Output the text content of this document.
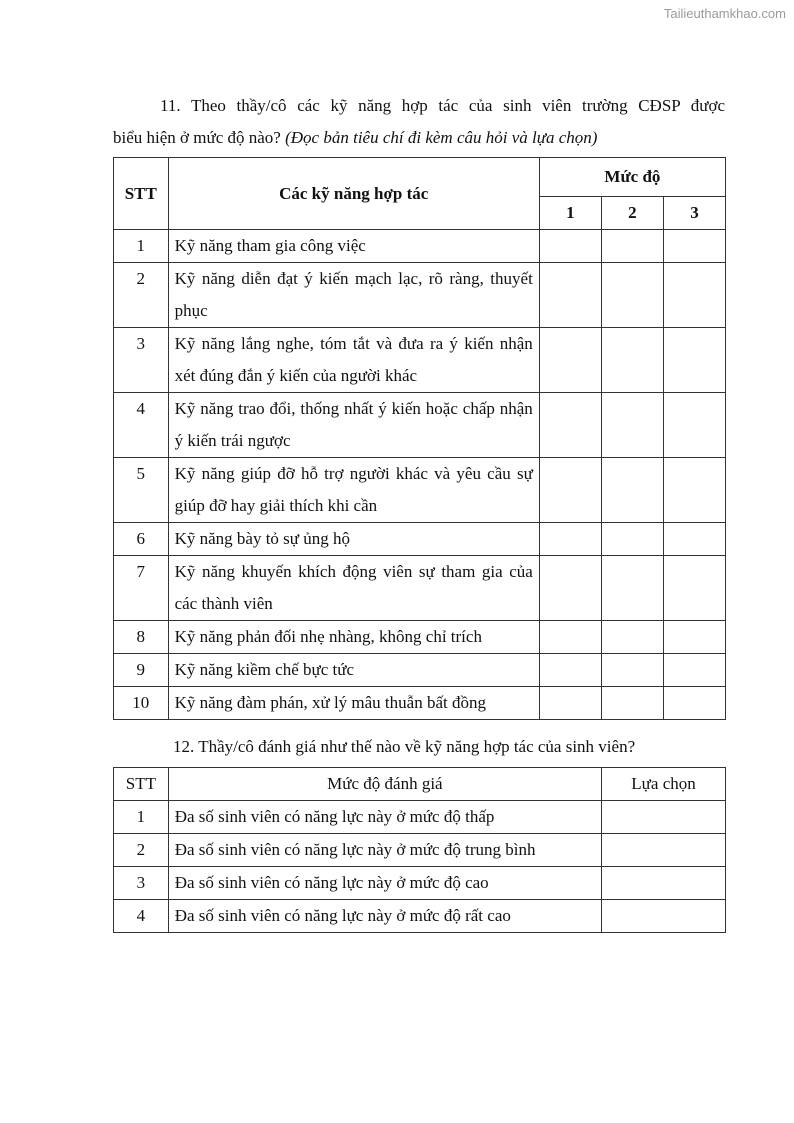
Tailieuthamkhao.com
11. Theo thầy/cô các kỹ năng hợp tác của sinh viên trường CĐSP được
biểu hiện ở mức độ nào? (Đọc bản tiêu chí đi kèm câu hỏi và lựa chọn)
STT	Các kỹ năng hợp tác	Mức độ		
		1	2	3
1	Kỹ năng tham gia công việc			
2	Kỹ năng diễn đạt ý kiến mạch lạc, rõ ràng, thuyết phục			
3	Kỹ năng lắng nghe, tóm tắt và đưa ra ý kiến nhận xét đúng đắn ý kiến của người khác			
4	Kỹ năng trao đổi, thống nhất ý kiến hoặc chấp nhận ý kiến trái ngược			
5	Kỹ năng giúp đỡ hỗ trợ người khác và yêu cầu sự giúp đỡ hay giải thích khi cần			
6	Kỹ năng bày tỏ sự ủng hộ			
7	Kỹ năng khuyến khích động viên sự tham gia của các thành viên			
8	Kỹ năng phản đối nhẹ nhàng, không chỉ trích			
9	Kỹ năng kiềm chế bực tức			
10	Kỹ năng đàm phán, xử lý mâu thuẫn bất đồng			
12. Thầy/cô đánh giá như thế nào về kỹ năng hợp tác của sinh viên?
STT	Mức độ đánh giá	Lựa chọn
1	Đa số sinh viên có năng lực này ở mức độ thấp	
2	Đa số sinh viên có năng lực này ở mức độ trung bình	
3	Đa số sinh viên có năng lực này ở mức độ cao	
4	Đa số sinh viên có năng lực này ở mức độ rất cao	
